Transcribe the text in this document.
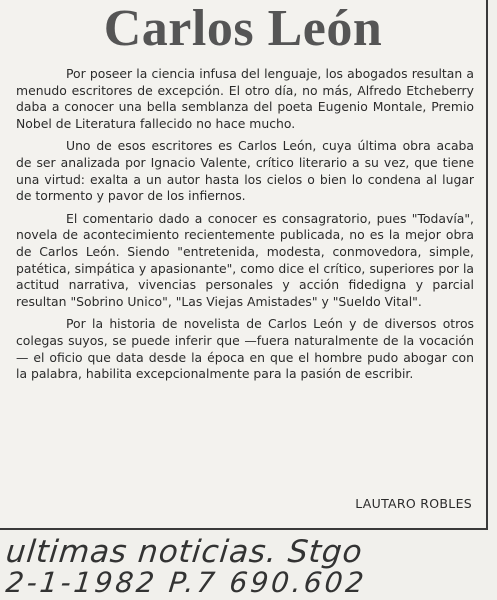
Carlos León

Por poseer la ciencia infusa del lenguaje, los abogados resultan a menudo escritores de excepción. El otro día, no más, Alfredo Etcheberry daba a conocer una bella semblanza del poeta Eugenio Montale, Premio Nobel de Literatura fallecido no hace mucho.

Uno de esos escritores es Carlos León, cuya última obra acaba de ser analizada por Ignacio Valente, crítico literario a su vez, que tiene una virtud: exalta a un autor hasta los cielos o bien lo condena al lugar de tormento y pavor de los infiernos.

El comentario dado a conocer es consagratorio, pues "Todavía", novela de acontecimiento recientemente publicada, no es la mejor obra de Carlos León. Siendo "entretenida, modesta, conmovedora, simple, patética, simpática y apasionante", como dice el crítico, superiores por la actitud narrativa, vivencias personales y acción fidedigna y parcial resultan "Sobrino Unico", "Las Viejas Amistades" y "Sueldo Vital".

Por la historia de novelista de Carlos León y de diversos otros colegas suyos, se puede inferir que —fuera naturalmente de la vocación— el oficio que data desde la época en que el hombre pudo abogar con la palabra, habilita excepcionalmente para la pasión de escribir.

LAUTARO ROBLES
ultimas noticias. Stgo
2-1-1982 P.7 690.602
